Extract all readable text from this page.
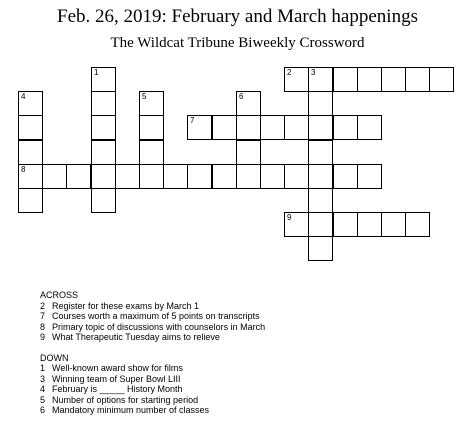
Feb. 26, 2019: February and March happenings
The Wildcat Tribune Biweekly Crossword
1	2 3
4	5	6
7
8
9
ACROSS
2 Register for these exams by March 1
7 Courses worth a maximum of 5 points on transcripts
8 Primary topic of discussions with counselors in March
9 What Therapeutic Tuesday aims to relieve
DOWN
1 Well-known award show for films
3 Winning team of Super Bowl LIII
4 February is _____ History Month
5 Number of options for starting period
6 Mandatory minimum number of classes
